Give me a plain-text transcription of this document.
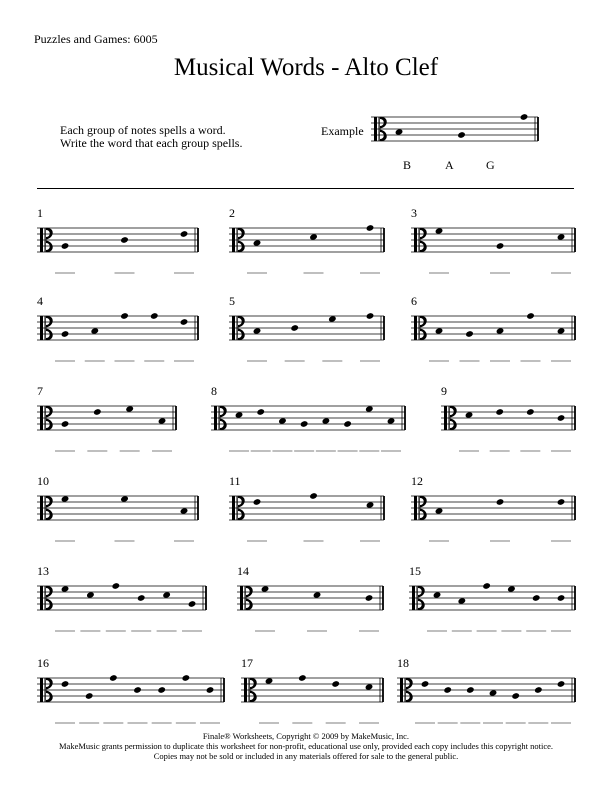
Puzzles and Games: 6005
Musical Words - Alto Clef
Each group of notes spells a word.
Write the word that each group spells.
Example
B	A	G
1	2	3
4	5	6
7	8	9
10	11	12
13	14	15
16	17	18
Finale® Worksheets, Copyright © 2009 by MakeMusic, Inc.
MakeMusic grants permission to duplicate this worksheet for non-profit, educational use only, provided each copy includes this copyright notice.
Copies may not be sold or included in any materials offered for sale to the general public.
